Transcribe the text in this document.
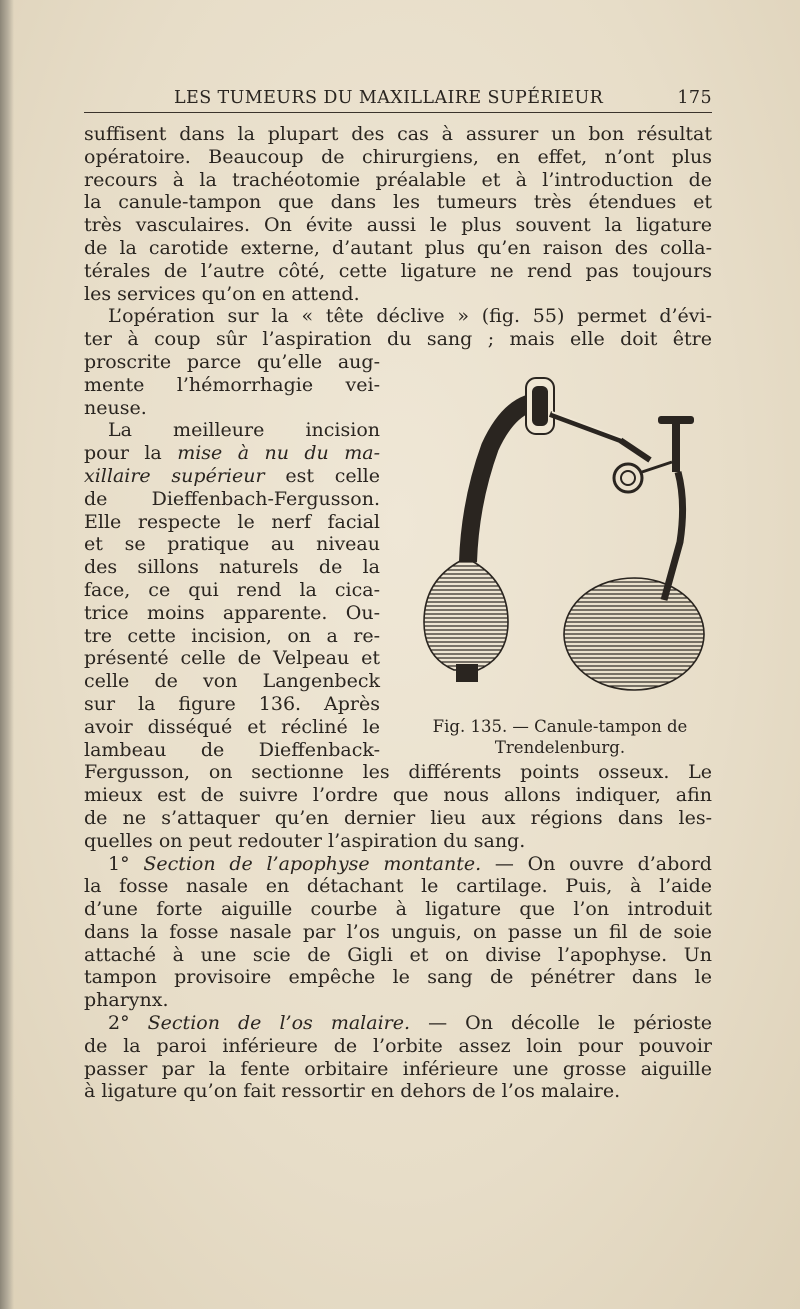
LES TUMEURS DU MAXILLAIRE SUPÉRIEUR	175
suffisent dans la plupart des cas à assurer un bon résultat
opératoire. Beaucoup de chirurgiens, en effet, n’ont plus
recours à la trachéotomie préalable et à l’introduction de
la canule-tampon que dans les tumeurs très étendues et
très vasculaires. On évite aussi le plus souvent la ligature
de la carotide externe, d’autant plus qu’en raison des colla-
térales de l’autre côté, cette ligature ne rend pas toujours
les services qu’on en attend.
L’opération sur la « tête déclive » (fig. 55) permet d’évi-
ter à coup sûr l’aspiration du sang ; mais elle doit être
proscrite parce qu’elle aug-
mente l’hémorrhagie vei-
neuse.
La meilleure incision
pour la mise à nu du ma-
xillaire supérieur est celle
de Dieffenbach-Fergusson.
Elle respecte le nerf facial
et se pratique au niveau
des sillons naturels de la
face, ce qui rend la cica-
trice moins apparente. Ou-
tre cette incision, on a re-
présenté celle de Velpeau et
celle de von Langenbeck
sur la figure 136. Après
avoir disséqué et récliné le
lambeau de Dieffenback-
Fig. 135. — Canule-tampon de
Trendelenburg.
Fergusson, on sectionne les différents points osseux. Le
mieux est de suivre l’ordre que nous allons indiquer, afin
de ne s’attaquer qu’en dernier lieu aux régions dans les-
quelles on peut redouter l’aspiration du sang.
1° Section de l’apophyse montante. — On ouvre d’abord
la fosse nasale en détachant le cartilage. Puis, à l’aide
d’une forte aiguille courbe à ligature que l’on introduit
dans la fosse nasale par l’os unguis, on passe un fil de soie
attaché à une scie de Gigli et on divise l’apophyse. Un
tampon provisoire empêche le sang de pénétrer dans le
pharynx.
2° Section de l’os malaire. — On décolle le périoste
de la paroi inférieure de l’orbite assez loin pour pouvoir
passer par la fente orbitaire inférieure une grosse aiguille
à ligature qu’on fait ressortir en dehors de l’os malaire.
